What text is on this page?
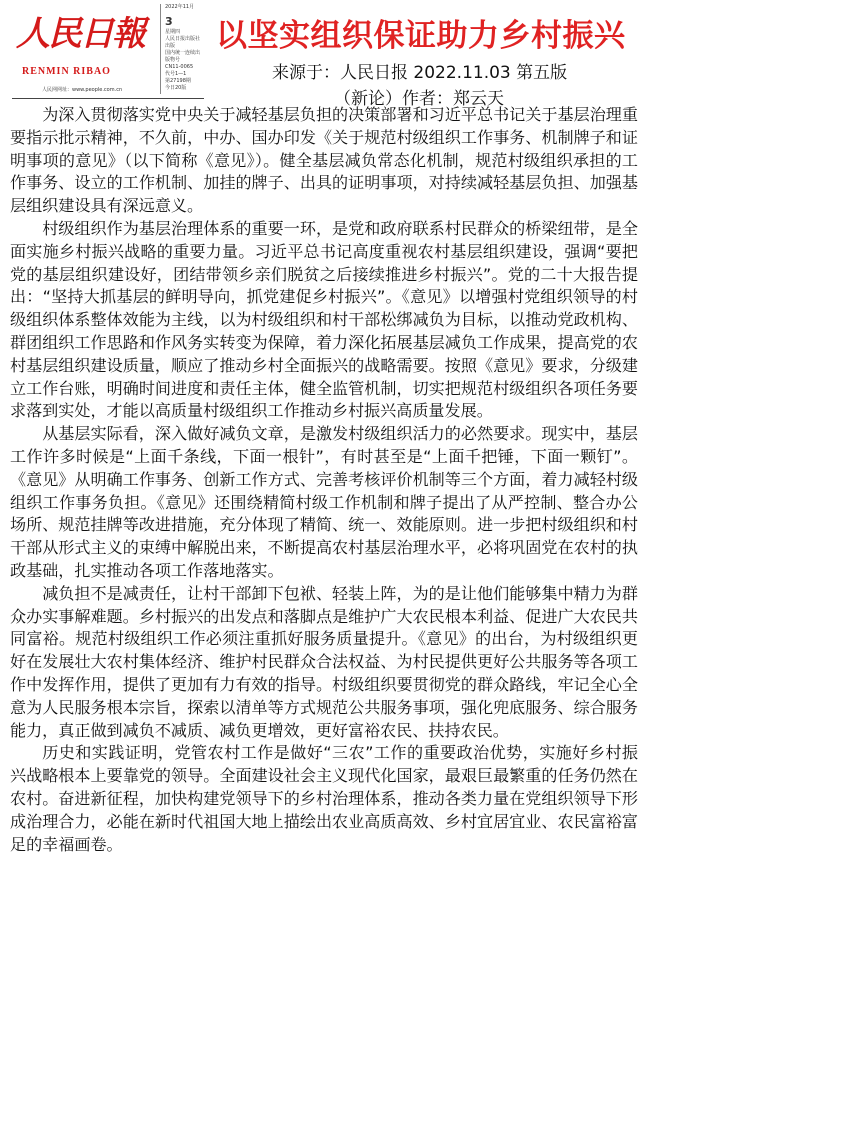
人民日報
RENMIN RIBAO
人民网网址：www.people.com.cn
2022年11月
3
星期四
人民日报出版社出版
国内统一连续出版物号
CN11-0065
代号1—1
第27198期
今日20版
以坚实组织保证助力乡村振兴
来源于：人民日报 2022.11.03 第五版
（新论）作者：郑云天

为深入贯彻落实党中央关于减轻基层负担的决策部署和习近平总书记关于基层治理重要指示批示精神，不久前，中办、国办印发《关于规范村级组织工作事务、机制牌子和证明事项的意见》（以下简称《意见》）。健全基层减负常态化机制，规范村级组织承担的工作事务、设立的工作机制、加挂的牌子、出具的证明事项，对持续减轻基层负担、加强基层组织建设具有深远意义。

村级组织作为基层治理体系的重要一环，是党和政府联系村民群众的桥梁纽带，是全面实施乡村振兴战略的重要力量。习近平总书记高度重视农村基层组织建设，强调“要把党的基层组织建设好，团结带领乡亲们脱贫之后接续推进乡村振兴”。党的二十大报告提出：“坚持大抓基层的鲜明导向，抓党建促乡村振兴”。《意见》以增强村党组织领导的村级组织体系整体效能为主线，以为村级组织和村干部松绑减负为目标，以推动党政机构、群团组织工作思路和作风务实转变为保障，着力深化拓展基层减负工作成果，提高党的农村基层组织建设质量，顺应了推动乡村全面振兴的战略需要。按照《意见》要求，分级建立工作台账，明确时间进度和责任主体，健全监管机制，切实把规范村级组织各项任务要求落到实处，才能以高质量村级组织工作推动乡村振兴高质量发展。

从基层实际看，深入做好减负文章，是激发村级组织活力的必然要求。现实中，基层工作许多时候是“上面千条线，下面一根针”，有时甚至是“上面千把锤，下面一颗钉”。《意见》从明确工作事务、创新工作方式、完善考核评价机制等三个方面，着力减轻村级组织工作事务负担。《意见》还围绕精简村级工作机制和牌子提出了从严控制、整合办公场所、规范挂牌等改进措施，充分体现了精简、统一、效能原则。进一步把村级组织和村干部从形式主义的束缚中解脱出来，不断提高农村基层治理水平，必将巩固党在农村的执政基础，扎实推动各项工作落地落实。

减负担不是减责任，让村干部卸下包袱、轻装上阵，为的是让他们能够集中精力为群众办实事解难题。乡村振兴的出发点和落脚点是维护广大农民根本利益、促进广大农民共同富裕。规范村级组织工作必须注重抓好服务质量提升。《意见》的出台，为村级组织更好在发展壮大农村集体经济、维护村民群众合法权益、为村民提供更好公共服务等各项工作中发挥作用，提供了更加有力有效的指导。村级组织要贯彻党的群众路线，牢记全心全意为人民服务根本宗旨，探索以清单等方式规范公共服务事项，强化兜底服务、综合服务能力，真正做到减负不减质、减负更增效，更好富裕农民、扶持农民。

历史和实践证明，党管农村工作是做好“三农”工作的重要政治优势，实施好乡村振兴战略根本上要靠党的领导。全面建设社会主义现代化国家，最艰巨最繁重的任务仍然在农村。奋进新征程，加快构建党领导下的乡村治理体系，推动各类力量在党组织领导下形成治理合力，必能在新时代祖国大地上描绘出农业高质高效、乡村宜居宜业、农民富裕富足的幸福画卷。
